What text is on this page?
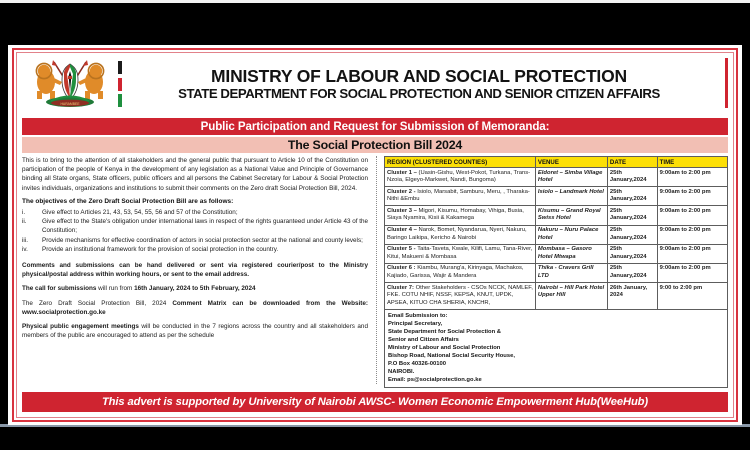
HARAMBEE
MINISTRY OF LABOUR AND SOCIAL PROTECTION
STATE DEPARTMENT FOR SOCIAL PROTECTION AND SENIOR CITIZEN AFFAIRS
Public Participation and Request for Submission of Memoranda:
The Social Protection Bill 2024

This is to bring to the attention of all stakeholders and the general public that pursuant to Article 10 of the Constitution on participation of the people of Kenya in the development of any legislation as a National Value and Principle of Governance binding all State organs, State officers, public officers and all persons the Cabinet Secretary for Labour & Social Protection invites individuals, organizations and institutions to submit their comments on the Zero draft Social Protection Bill, 2024.

The objectives of the Zero Draft Social Protection Bill are as follows:
i.	Give effect to Articles 21, 43, 53, 54, 55, 56 and 57 of the Constitution;
ii.	Give effect to the State's obligation under international laws in respect of the rights guaranteed under Article 43 of the Constitution;
iii.	Provide mechanisms for effective coordination of actors in social protection sector at the national and county levels;
iv.	Provide an institutional framework for the provision of social protection in the country.

Comments and submissions can be hand delivered or sent via registered courier/post to the Ministry physical/postal address within working hours, or sent to the email address.

The call for submissions will run from 16th January, 2024 to 5th February, 2024

The Zero Draft Social Protection Bill, 2024 Comment Matrix can be downloaded from the Website: www.socialprotection.go.ke

Physical public engagement meetings will be conducted in the 7 regions across the country and all stakeholders and members of the public are encouraged to attend as per the schedule

REGION (CLUSTERED COUNTIES)	VENUE	DATE	TIME
Cluster 1 – (Uasin-Gishu, West-Pokot, Turkana, Trans-Nzoia, Elgeyo-Markwet, Nandi, Bungoma)	Eldoret – Simba Village Hotel	25th January,2024	9:00am to 2:00 pm
Cluster 2 - Isiolo, Marsabit, Samburu, Meru, , Tharaka-Nithi &Embu	Isiolo – Landmark Hotel	25th January,2024	9:00am to 2:00 pm
Cluster 3 – Migori, Kisumu, Homabay, Vihiga, Busia, Siaya Nyamira, Kisii & Kakamega	Kisumu – Grand Royal Swiss Hotel	25th January,2024	9:00am to 2:00 pm
Cluster 4 – Narok, Bomet, Nyandarua, Nyeri, Nakuru, Baringo Laikipa, Kericho & Nairobi	Nakuru – Nuru Palace Hotel	25th January,2024	9:00am to 2:00 pm
Cluster 5 - Taita-Taveta, Kwale, Kilifi, Lamu, Tana-River, Kitui, Makueni & Mombasa	Mombasa – Gasoro Hotel Mtwapa	25th January,2024	9:00am to 2:00 pm
Cluster 6 : Kiambu, Murang'a, Kirinyaga, Machakos, Kajiado, Garissa, Wajir & Mandera	Thika - Cravers Grill LTD	25th January,2024	9:00am to 2:00 pm
Cluster 7: Other Stakeholders - CSOs NCCK, NAMLEF, FKE. COTU NHIF, NSSF, KEPSA, KNUT, UPDK, APSEA, KITUO CHA SHERIA, KNCHR,	Nairobi – Hill Park Hotel Upper Hill	26th January, 2024	9:00 to 2:00 pm
Email Submission to:
Principal Secretary,
State Department for Social Protection &
Senior and Citizen Affairs
Ministry of Labour and Social Protection
Bishop Road, National Social Security House,
P.O Box 40326-00100
NAIROBI.
Email: ps@socialprotection.go.ke
This advert is supported by University of Nairobi AWSC- Women Economic Empowerment Hub(WeeHub)
